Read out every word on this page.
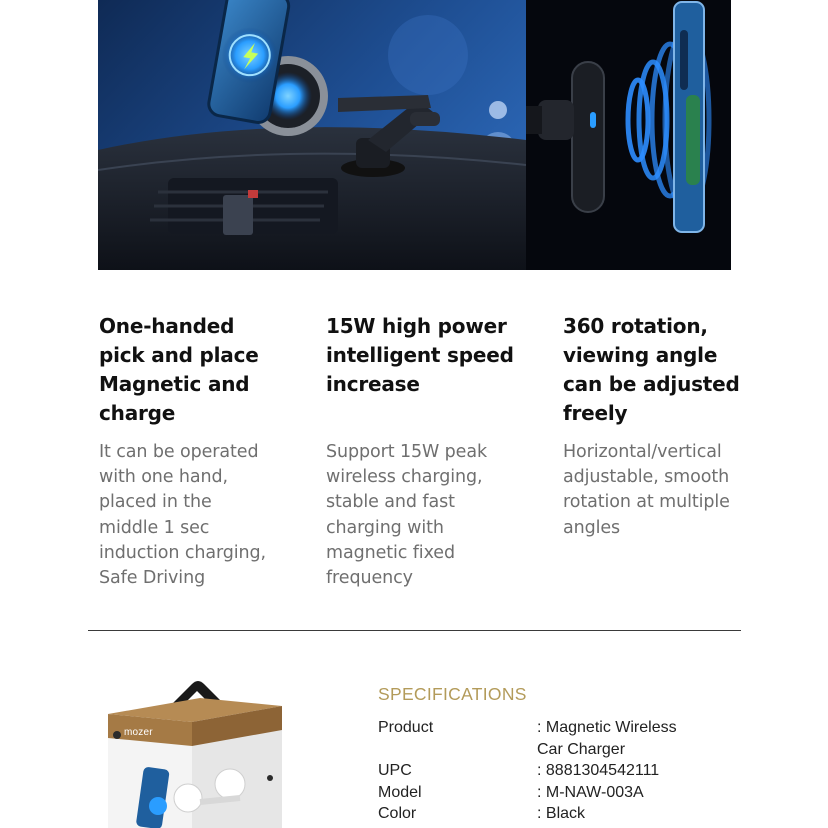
One-handed
pick and place
Magnetic and
charge

It can be operated
with one hand,
placed in the
middle 1 sec
induction charging,
Safe Driving

15W high power
intelligent speed
increase

Support 15W peak
wireless charging,
stable and fast
charging with
magnetic fixed
frequency

360 rotation,
viewing angle
can be adjusted
freely

Horizontal/vertical
adjustable, smooth
rotation at multiple
angles

mozer
SPECIFICATIONS
Product	: Magnetic Wireless
Car Charger
UPC	: 8881304542111
Model	: M-NAW-003A
Color	: Black
